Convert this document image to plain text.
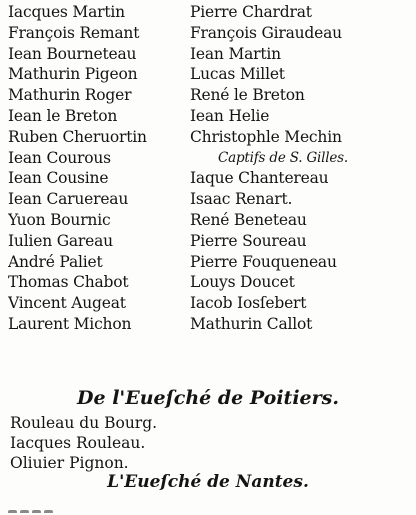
Iacques Martin
François Remant
Iean Bourneteau
Mathurin Pigeon
Mathurin Roger
Iean le Breton
Ruben Cheruortin
Iean Courous
Iean Cousine
Iean Caruereau
Yuon Bournic
Iulien Gareau
André Paliet
Thomas Chabot
Vincent Augeat
Laurent Michon
Pierre Chardrat
François Giraudeau
Iean Martin
Lucas Millet
René le Breton
Iean Helie
Christophle Mechin
Captifs de S. Gilles.
Iaque Chantereau
Isaac Renart.
René Beneteau
Pierre Soureau
Pierre Fouqueneau
Louys Doucet
Iacob Iosſebert
Mathurin Callot
De l'Eueſché de Poitiers.
Rouleau du Bourg.
Iacques Rouleau.
Oliuier Pignon.
L'Eueſché de Nantes.
